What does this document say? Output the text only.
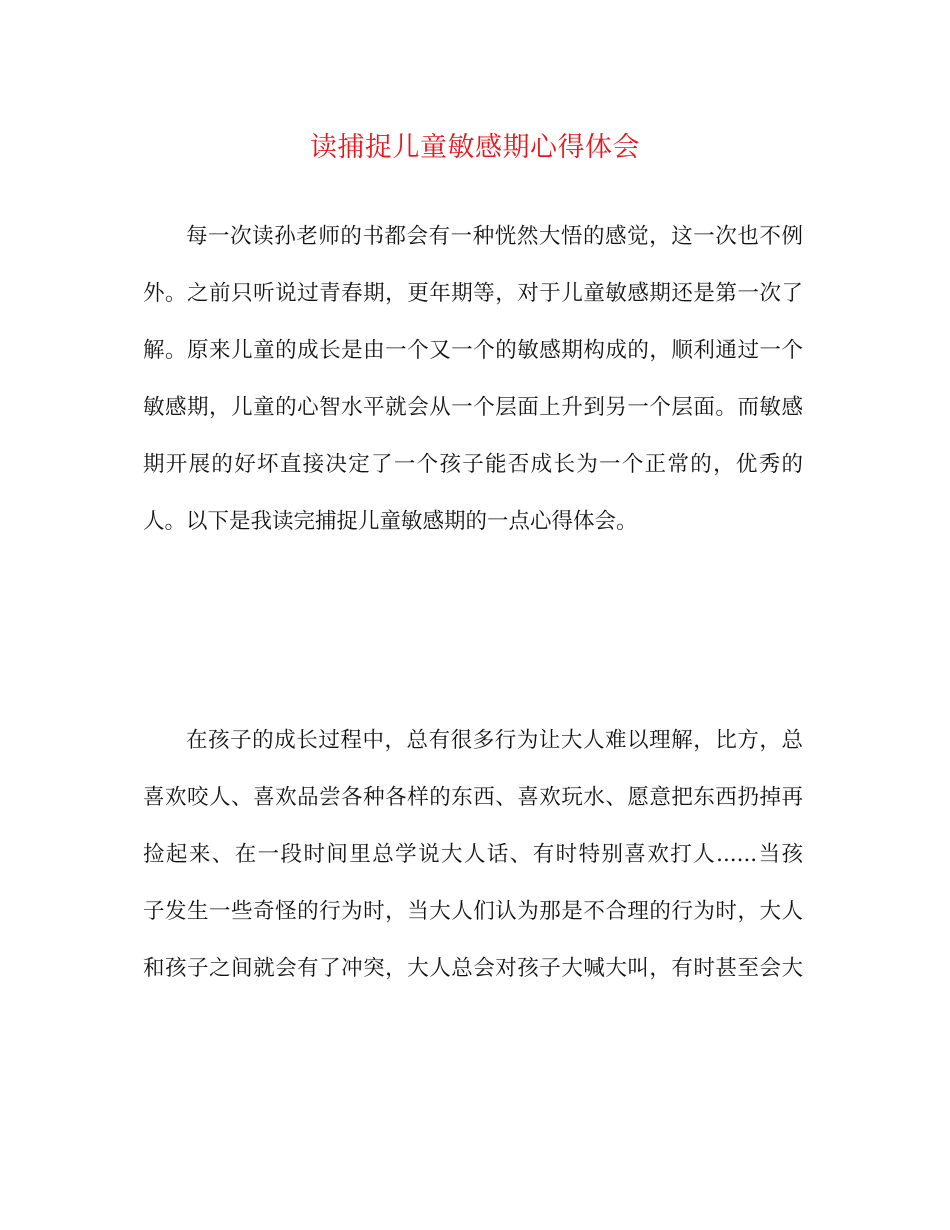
读捕捉儿童敏感期心得体会
每一次读孙老师的书都会有一种恍然大悟的感觉，这一次也不例
外。之前只听说过青春期，更年期等，对于儿童敏感期还是第一次了
解。原来儿童的成长是由一个又一个的敏感期构成的，顺利通过一个
敏感期，儿童的心智水平就会从一个层面上升到另一个层面。而敏感
期开展的好坏直接决定了一个孩子能否成长为一个正常的，优秀的
人。以下是我读完捕捉儿童敏感期的一点心得体会。
在孩子的成长过程中，总有很多行为让大人难以理解，比方，总
喜欢咬人、喜欢品尝各种各样的东西、喜欢玩水、愿意把东西扔掉再
捡起来、在一段时间里总学说大人话、有时特别喜欢打人......当孩
子发生一些奇怪的行为时，当大人们认为那是不合理的行为时，大人
和孩子之间就会有了冲突，大人总会对孩子大喊大叫，有时甚至会大
